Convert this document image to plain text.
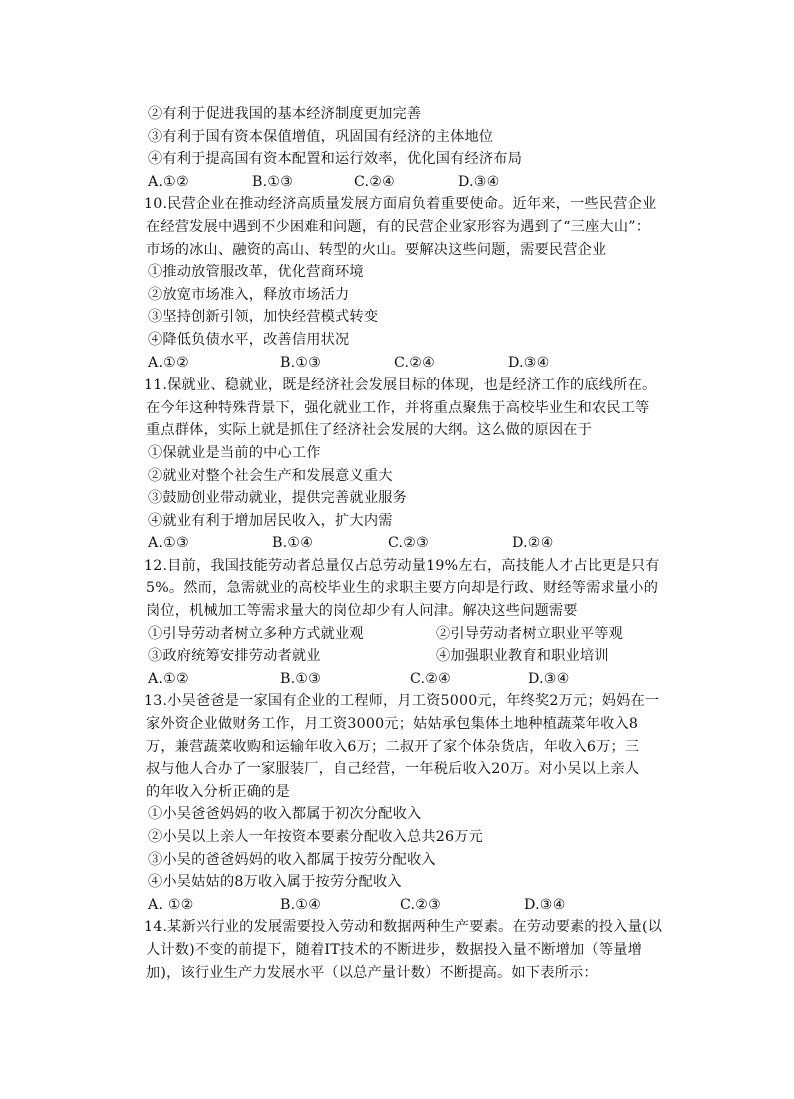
②有利于促进我国的基本经济制度更加完善
③有利于国有资本保值增值，巩固国有经济的主体地位
④有利于提高国有资本配置和运行效率，优化国有经济布局
A.①②	B.①③	C.②④	D.③④
10.民营企业在推动经济高质量发展方面肩负着重要使命。近年来，一些民营企业
在经营发展中遇到不少困难和问题，有的民营企业家形容为遇到了“三座大山”：
市场的冰山、融资的高山、转型的火山。要解决这些问题，需要民营企业
①推动放管服改革，优化营商环境
②放宽市场准入，释放市场活力
③坚持创新引领，加快经营模式转变
④降低负债水平，改善信用状况
A.①②	B.①③	C.②④	D.③④
11.保就业、稳就业，既是经济社会发展目标的体现，也是经济工作的底线所在。
在今年这种特殊背景下，强化就业工作，并将重点聚焦于高校毕业生和农民工等
重点群体，实际上就是抓住了经济社会发展的大纲。这么做的原因在于
①保就业是当前的中心工作
②就业对整个社会生产和发展意义重大
③鼓励创业带动就业，提供完善就业服务
④就业有利于增加居民收入，扩大内需
A.①③	B.①④	C.②③	D.②④
12.目前，我国技能劳动者总量仅占总劳动量19%左右，高技能人才占比更是只有
5%。然而，急需就业的高校毕业生的求职主要方向却是行政、财经等需求量小的
岗位，机械加工等需求量大的岗位却少有人问津。解决这些问题需要
①引导劳动者树立多种方式就业观	②引导劳动者树立职业平等观
③政府统筹安排劳动者就业	④加强职业教育和职业培训
A.①②	B.①③	C.②④	D.③④
13.小吴爸爸是一家国有企业的工程师，月工资5000元，年终奖2万元；妈妈在一
家外资企业做财务工作，月工资3000元；姑姑承包集体土地种植蔬菜年收入8
万，兼营蔬菜收购和运输年收入6万；二叔开了家个体杂货店，年收入6万；三
叔与他人合办了一家服装厂，自己经营，一年税后收入20万。对小吴以上亲人
的年收入分析正确的是
①小吴爸爸妈妈的收入都属于初次分配收入
②小吴以上亲人一年按资本要素分配收入总共26万元
③小吴的爸爸妈妈的收入都属于按劳分配收入
④小吴姑姑的8万收入属于按劳分配收入
A. ①②	B.①④	C.②③	D.③④
14.某新兴行业的发展需要投入劳动和数据两种生产要素。在劳动要素的投入量(以
人计数)不变的前提下，随着IT技术的不断进步，数据投入量不断增加（等量增
加)，该行业生产力发展水平（以总产量计数）不断提高。如下表所示：
